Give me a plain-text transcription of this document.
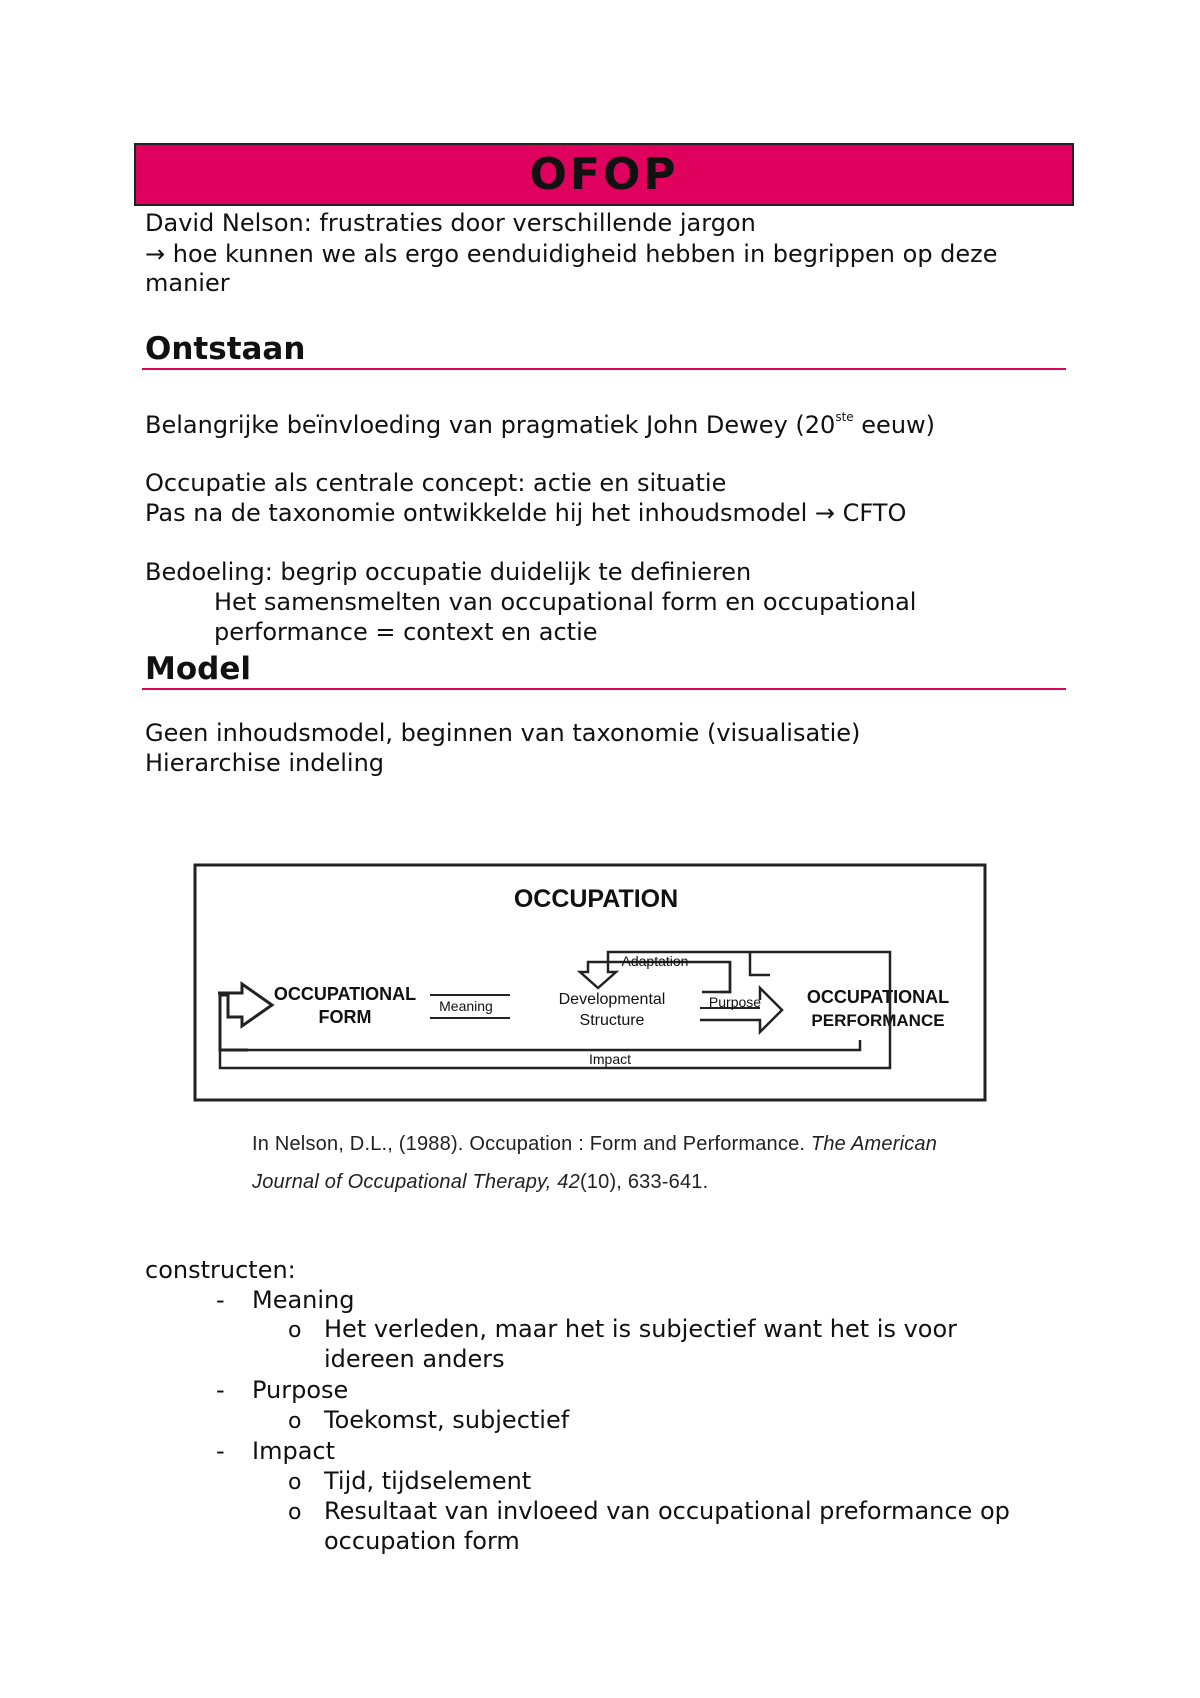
OFOP
David Nelson: frustraties door verschillende jargon
→ hoe kunnen we als ergo eenduidigheid hebben in begrippen op deze
manier
Ontstaan
Belangrijke beïnvloeding van pragmatiek John Dewey (20ste eeuw)
Occupatie als centrale concept: actie en situatie
Pas na de taxonomie ontwikkelde hij het inhoudsmodel → CFTO
Bedoeling: begrip occupatie duidelijk te definieren
Het samensmelten van occupational form en occupational
performance = context en actie
Model
Geen inhoudsmodel, beginnen van taxonomie (visualisatie)
Hierarchise indeling
OCCUPATION
OCCUPATIONAL
FORM
Meaning	Developmental
Structure
Adaptation
Purpose	OCCUPATIONAL
PERFORMANCE
Impact
In Nelson, D.L., (1988). Occupation : Form and Performance. The American
Journal of Occupational Therapy, 42(10), 633-641.
constructen:
- Meaning
o Het verleden, maar het is subjectief want het is voor
idereen anders
- Purpose
o Toekomst, subjectief
- Impact
o Tijd, tijdselement
o Resultaat van invloeed van occupational preformance op
occupation form
